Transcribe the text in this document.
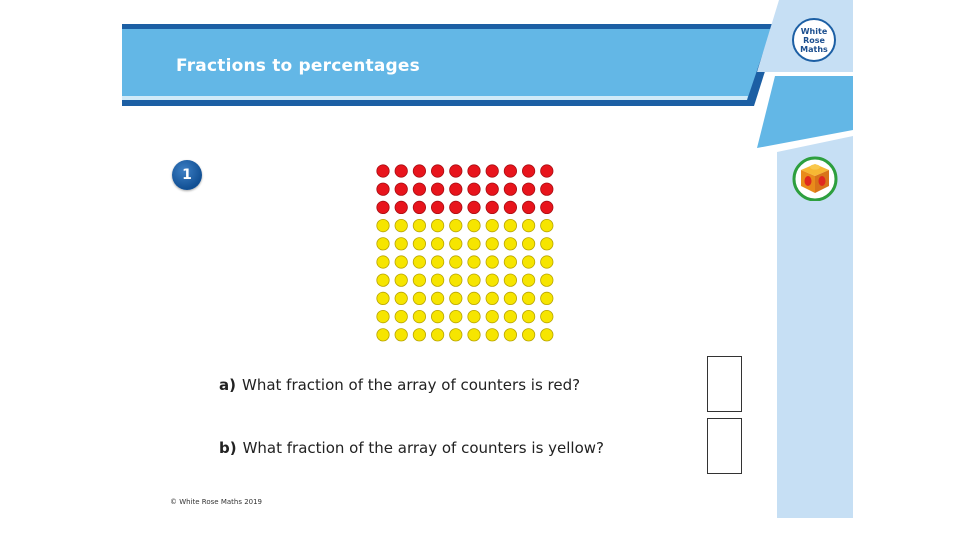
Fractions to percentages
White
Rose
Maths
1
a) What fraction of the array of counters is red?
b) What fraction of the array of counters is yellow?
© White Rose Maths 2019
